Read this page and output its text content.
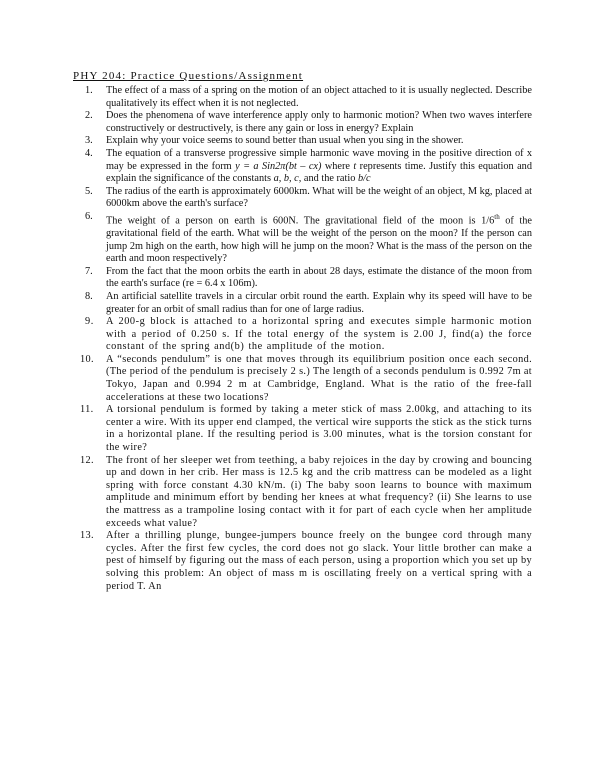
PHY 204: Practice Questions/Assignment
1. The effect of a mass of a spring on the motion of an object attached to it is usually neglected. Describe qualitatively its effect when it is not neglected.
2. Does the phenomena of wave interference apply only to harmonic motion? When two waves interfere constructively or destructively, is there any gain or loss in energy? Explain
3. Explain why your voice seems to sound better than usual when you sing in the shower.
4. The equation of a transverse progressive simple harmonic wave moving in the positive direction of x may be expressed in the form y = a Sin2π(bt – cx) where t represents time. Justify this equation and explain the significance of the constants a, b, c, and the ratio b/c
5. The radius of the earth is approximately 6000km. What will be the weight of an object, M kg, placed at 6000km above the earth's surface?
6. The weight of a person on earth is 600N. The gravitational field of the moon is 1/6th of the gravitational field of the earth. What will be the weight of the person on the moon? If the person can jump 2m high on the earth, how high will he jump on the moon? What is the mass of the person on the earth and moon respectively?
7. From the fact that the moon orbits the earth in about 28 days, estimate the distance of the moon from the earth's surface (re = 6.4 x 106m).
8. An artificial satellite travels in a circular orbit round the earth. Explain why its speed will have to be greater for an orbit of small radius than for one of large radius.
9. A 200-g block is attached to a horizontal spring and executes simple harmonic motion with a period of 0.250 s. If the total energy of the system is 2.00 J, find(a) the force constant of the spring and(b) the amplitude of the motion.
10. A “seconds pendulum” is one that moves through its equilibrium position once each second.(The period of the pendulum is precisely 2 s.) The length of a seconds pendulum is 0.992 7m at Tokyo, Japan and 0.994 2 m at Cambridge, England. What is the ratio of the free-fall accelerations at these two locations?
11. A torsional pendulum is formed by taking a meter stick of mass 2.00kg, and attaching to its center a wire. With its upper end clamped, the vertical wire supports the stick as the stick turns in a horizontal plane. If the resulting period is 3.00 minutes, what is the torsion constant for the wire?
12. The front of her sleeper wet from teething, a baby rejoices in the day by crowing and bouncing up and down in her crib. Her mass is 12.5 kg and the crib mattress can be modeled as a light spring with force constant 4.30 kN/m. (i) The baby soon learns to bounce with maximum amplitude and minimum effort by bending her knees at what frequency? (ii) She learns to use the mattress as a trampoline losing contact with it for part of each cycle when her amplitude exceeds what value?
13. After a thrilling plunge, bungee-jumpers bounce freely on the bungee cord through many cycles. After the first few cycles, the cord does not go slack. Your little brother can make a pest of himself by figuring out the mass of each person, using a proportion which you set up by solving this problem: An object of mass m is oscillating freely on a vertical spring with a period T. An
